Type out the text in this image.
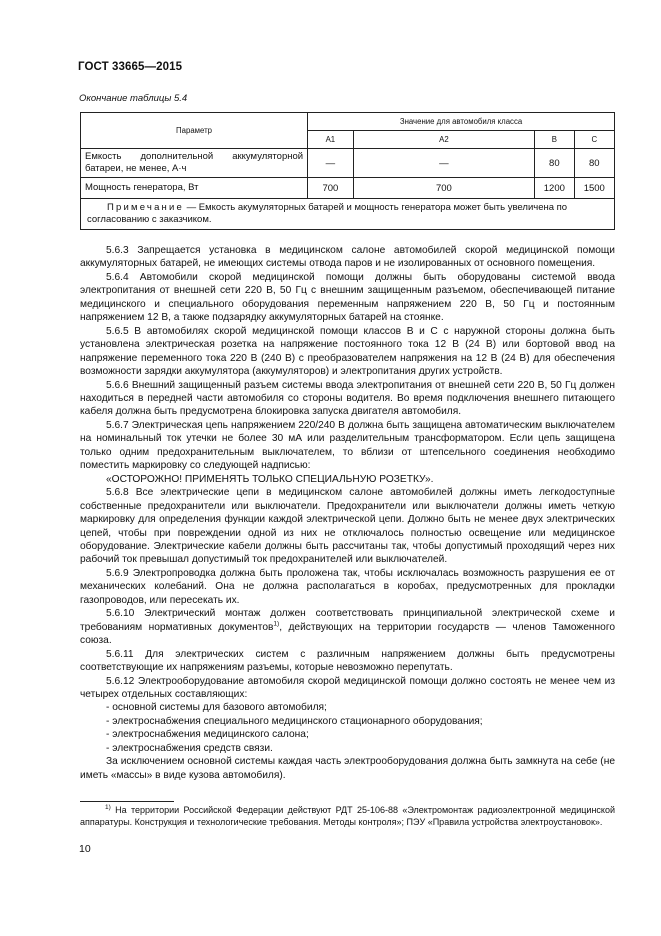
ГОСТ 33665—2015
Окончание таблицы 5.4
Параметр	Значение для автомобиля класса			
	А1	А2	В	С
Емкость дополнительной аккумуляторной батареи, не менее, А·ч	—	—	80	80
Мощность генератора, Вт	700	700	1200	1500
Примечание — Емкость акумуляторных батарей и мощность генератора может быть увеличена по согласованию с заказчиком.				

5.6.3 Запрещается установка в медицинском салоне автомобилей скорой медицинской помощи аккумуляторных батарей, не имеющих системы отвода паров и не изолированных от основного помещения.

5.6.4 Автомобили скорой медицинской помощи должны быть оборудованы системой ввода электропитания от внешней сети 220 В, 50 Гц с внешним защищенным разъемом, обеспечивающей питание медицинского и специального оборудования переменным напряжением 220 В, 50 Гц и постоянным напряжением 12 В, а также подзарядку аккумуляторных батарей на стоянке.

5.6.5 В автомобилях скорой медицинской помощи классов В и С с наружной стороны должна быть установлена электрическая розетка на напряжение постоянного тока 12 В (24 В) или бортовой ввод на напряжение переменного тока 220 В (240 В) с преобразователем напряжения на 12 В (24 В) для обеспечения возможности зарядки аккумулятора (аккумуляторов) и электропитания других устройств.

5.6.6 Внешний защищенный разъем системы ввода электропитания от внешней сети 220 В, 50 Гц должен находиться в передней части автомобиля со стороны водителя. Во время подключения внешнего питающего кабеля должна быть предусмотрена блокировка запуска двигателя автомобиля.

5.6.7 Электрическая цепь напряжением 220/240 В должна быть защищена автоматическим выключателем на номинальный ток утечки не более 30 мА или разделительным трансформатором. Если цепь защищена только одним предохранительным выключателем, то вблизи от штепсельного соединения необходимо поместить маркировку со следующей надписью:

«ОСТОРОЖНО! ПРИМЕНЯТЬ ТОЛЬКО СПЕЦИАЛЬНУЮ РОЗЕТКУ».

5.6.8 Все электрические цепи в медицинском салоне автомобилей должны иметь легкодоступные собственные предохранители или выключатели. Предохранители или выключатели должны иметь четкую маркировку для определения функции каждой электрической цепи. Должно быть не менее двух электрических цепей, чтобы при повреждении одной из них не отключалось полностью освещение или медицинское оборудование. Электрические кабели должны быть рассчитаны так, чтобы допустимый проходящий через них рабочий ток превышал допустимый ток предохранителей или выключателей.

5.6.9 Электропроводка должна быть проложена так, чтобы исключалась возможность разрушения ее от механических колебаний. Она не должна располагаться в коробах, предусмотренных для прокладки газопроводов, или пересекать их.

5.6.10 Электрический монтаж должен соответствовать принципиальной электрической схеме и требованиям нормативных документов$^{1)}$, действующих на территории государств — членов Таможенного союза.

5.6.11 Для электрических систем с различным напряжением должны быть предусмотрены соответствующие их напряжениям разъемы, которые невозможно перепутать.

5.6.12 Электрооборудование автомобиля скорой медицинской помощи должно состоять не менее чем из четырех отдельных составляющих:

- основной системы для базового автомобиля;

- электроснабжения специального медицинского стационарного оборудования;

- электроснабжения медицинского салона;

- электроснабжения средств связи.

За исключением основной системы каждая часть электрооборудования должна быть замкнута на себе (не иметь «массы» в виде кузова автомобиля).

$^{1)}$ На территории Российской Федерации действуют РДТ 25-106-88 «Электромонтаж радиоэлектронной медицинской аппаратуры. Конструкция и технологические требования. Методы контроля»; ПЭУ «Правила устройства электроустановок».
10
